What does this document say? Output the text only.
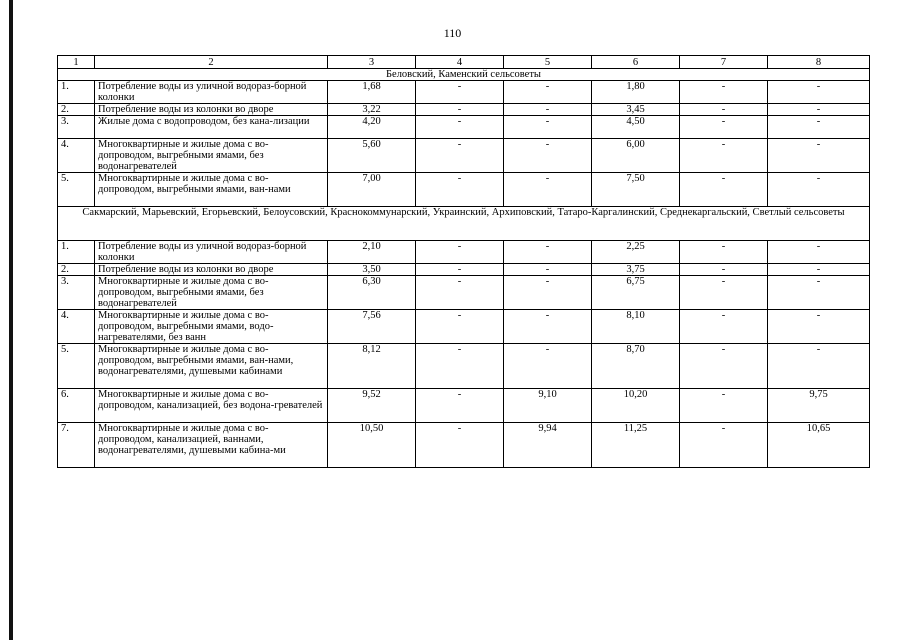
110
1	2	3	4	5	6	7	8
Беловский, Каменский сельсоветы							
1.	Потребление воды из уличной водораз-борной колонки	1,68	-	-	1,80	-	-
2.	Потребление воды из колонки во дворе	3,22	-	-	3,45	-	-
3.	Жилые дома с водопроводом, без кана-лизации	4,20	-	-	4,50	-	-
4.	Многоквартирные и жилые дома с во-допроводом, выгребными ямами, без водонагревателей	5,60	-	-	6,00	-	-
5.	Многоквартирные и жилые дома с во-допроводом, выгребными ямами, ван-нами	7,00	-	-	7,50	-	-
Сакмарский, Марьевский, Егорьевский, Белоусовский, Краснокоммунарский, Украинский, Архиповский, Татаро-Каргалинский, Среднекаргальский, Светлый сельсоветы							
1.	Потребление воды из уличной водораз-борной колонки	2,10	-	-	2,25	-	-
2.	Потребление воды из колонки во дворе	3,50	-	-	3,75	-	-
3.	Многоквартирные и жилые дома с во-допроводом, выгребными ямами, без водонагревателей	6,30	-	-	6,75	-	-
4.	Многоквартирные и жилые дома с во-допроводом, выгребными ямами, водо-нагревателями, без ванн	7,56	-	-	8,10	-	-
5.	Многоквартирные и жилые дома с во-допроводом, выгребными ямами, ван-нами, водонагревателями, душевыми кабинами	8,12	-	-	8,70	-	-
6.	Многоквартирные и жилые дома с во-допроводом, канализацией, без водона-гревателей	9,52	-	9,10	10,20	-	9,75
7.	Многоквартирные и жилые дома с во-допроводом, канализацией, ваннами, водонагревателями, душевыми кабина-ми	10,50	-	9,94	11,25	-	10,65
